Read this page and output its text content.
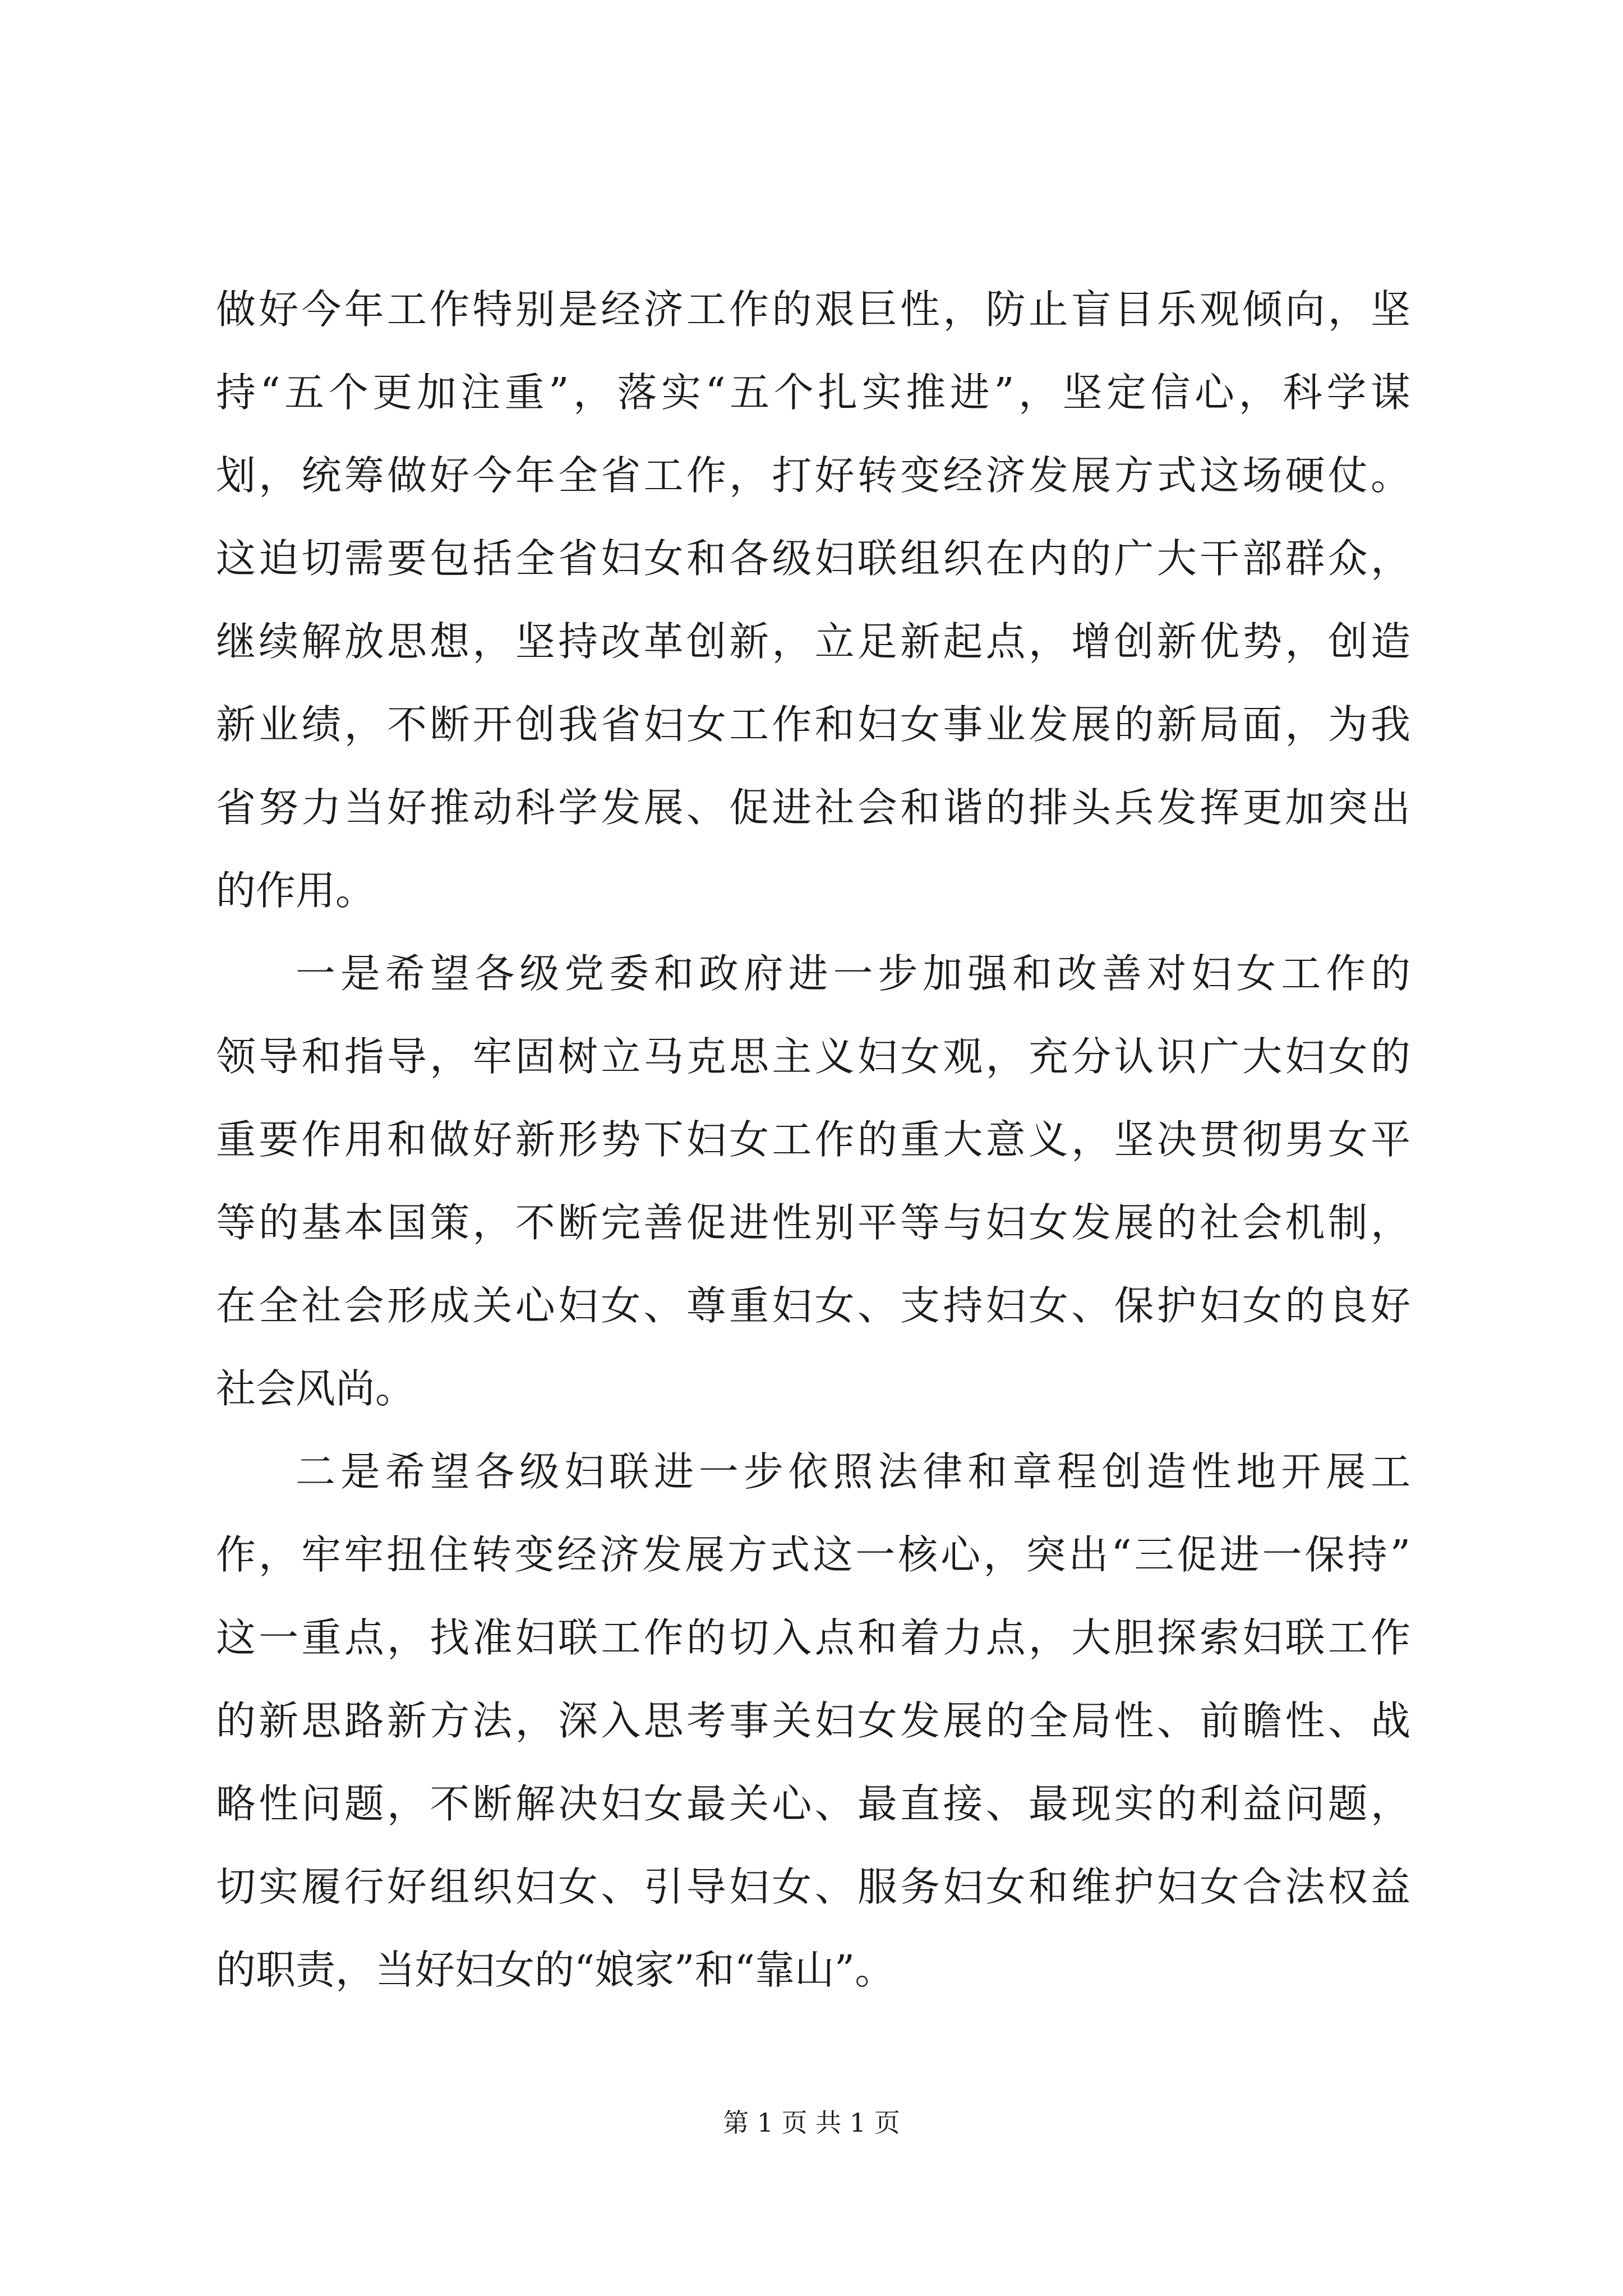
做好今年工作特别是经济工作的艰巨性，防止盲目乐观倾向，坚
持“五个更加注重”，落实“五个扎实推进”，坚定信心，科学谋
划，统筹做好今年全省工作，打好转变经济发展方式这场硬仗。
这迫切需要包括全省妇女和各级妇联组织在内的广大干部群众，
继续解放思想，坚持改革创新，立足新起点，增创新优势，创造
新业绩，不断开创我省妇女工作和妇女事业发展的新局面，为我
省努力当好推动科学发展、促进社会和谐的排头兵发挥更加突出
的作用。
一是希望各级党委和政府进一步加强和改善对妇女工作的
领导和指导，牢固树立马克思主义妇女观，充分认识广大妇女的
重要作用和做好新形势下妇女工作的重大意义，坚决贯彻男女平
等的基本国策，不断完善促进性别平等与妇女发展的社会机制，
在全社会形成关心妇女、尊重妇女、支持妇女、保护妇女的良好
社会风尚。
二是希望各级妇联进一步依照法律和章程创造性地开展工
作，牢牢扭住转变经济发展方式这一核心，突出“三促进一保持”
这一重点，找准妇联工作的切入点和着力点，大胆探索妇联工作
的新思路新方法，深入思考事关妇女发展的全局性、前瞻性、战
略性问题，不断解决妇女最关心、最直接、最现实的利益问题，
切实履行好组织妇女、引导妇女、服务妇女和维护妇女合法权益
的职责，当好妇女的“娘家”和“靠山”。
第 1 页 共 1 页
